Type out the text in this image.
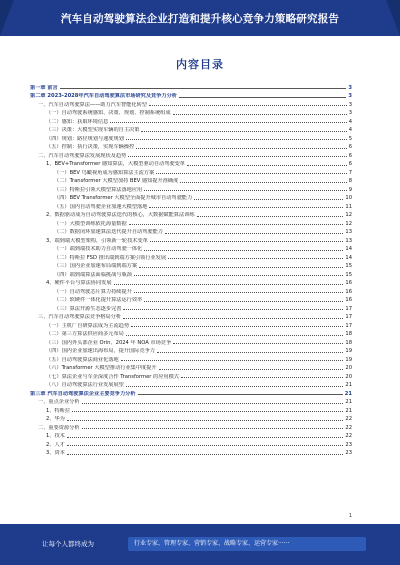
汽车自动驾驶算法企业打造和提升核心竞争力策略研究报告
内容目录
第一章 前言	3
第二章 2023-2028年汽车自动驾驶算法市场研究及竞争力分析	3
一、汽车自动驾驶算法——助力汽车智能化转型	3
（一）自动驾驶系统感知、决策、规划、控制系统组成	3
（二）感知：获取环境信息	4
（三）决策：大模型实现车辆的自主决策	4
（四）规划：路径规划与速度规划	5
（五）控制：执行决策，实现车辆操控	6
二、汽车自动驾驶算法发展现状及趋势	6
1、BEV+Transformer 感知算法，大模型驱动自动驾驶变革	6
（一）BEV 鸟瞰视角成为感知算法主流方案	7
（二）Transformer 大模型加持 BEV 感知提升准确度	8
（三）特斯拉引领大模型算法落地应用	9
（四）BEV Transformer 大模型全面提升城市自动驾驶能力	10
（五）国内自动驾驶企业加速大模型落地	11
2、数据驱动成为自动驾驶算法迭代的核心，大数据赋能算法训练	12
（一）大模型训练依托海量数据	12
（二）数据闭环加速算法迭代提升自动驾驶能力	13
3、端到端大模型架构，引领新一轮技术变革	13
（一）端到端技术助力自动驾驶一体化	14
（二）特斯拉 FSD 推出端到端方案引领行业发展	14
（三）国内企业加速布局端到端方案	15
（四）端到端算法面临挑战与瓶颈	15
4、硬件平台与算法协同发展	16
（一）自动驾驶芯片算力持续提升	16
（二）软硬件一体化提升算法运行效率	16
（三）算法开源生态逐步完善	17
三、汽车自动驾驶算法竞争格局分析	17
（一）主机厂自研算法成为主流趋势	17
（二）第三方算法供应商多元布局	18
（三）国内外头部企业 Orin、2024 年 NOA 市场竞争	18
（四）国内企业加速出海布局，提升国际竞争力	19
（五）自动驾驶算法商业化落地	19
（六）Transformer 大模型推动行业集中度提升	20
（七）算法企业与车企深度合作 Transformer 的应用模式	20
（八）自动驾驶算法行业发展展望	21
第三章 汽车自动驾驶算法企业主要竞争力分析	21
一、重点企业分析	21
1、特斯拉	21
2、华为	22
二、重要资源分析	22
1、技术	22
2、人才	23
3、资本	23
1
让每个人都终成为	行业专家、管理专家、营销专家、战略专家、运营专家······
